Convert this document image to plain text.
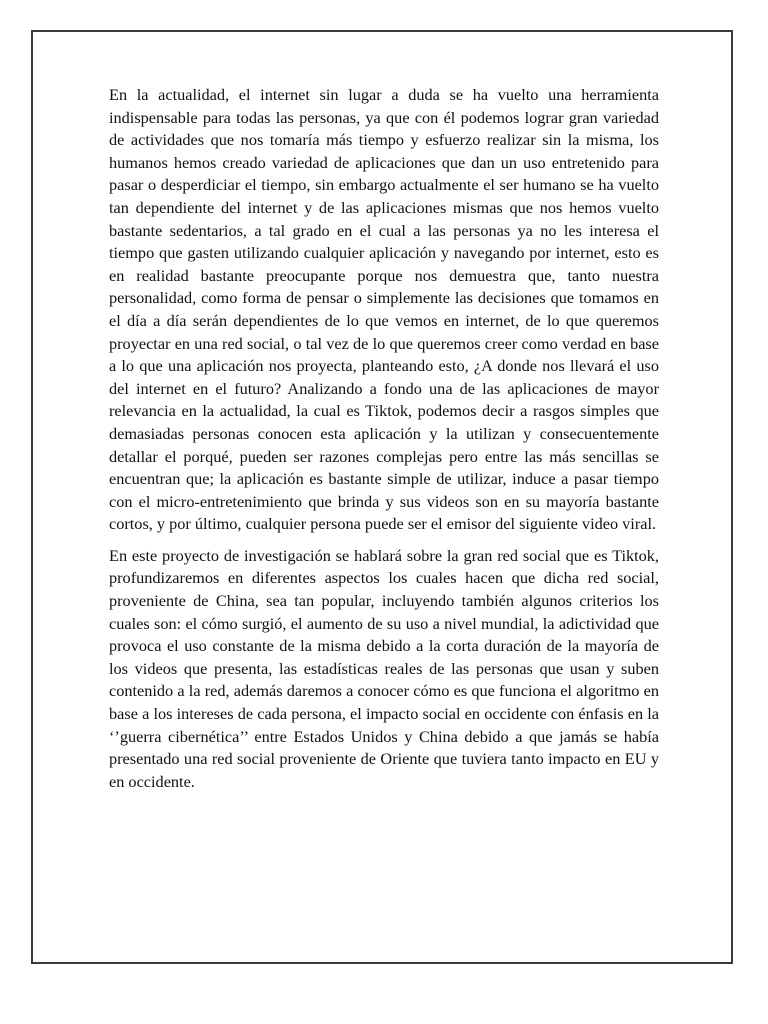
En la actualidad, el internet sin lugar a duda se ha vuelto una herramienta indispensable para todas las personas, ya que con él podemos lograr gran variedad de actividades que nos tomaría más tiempo y esfuerzo realizar sin la misma, los humanos hemos creado variedad de aplicaciones que dan un uso entretenido para pasar o desperdiciar el tiempo, sin embargo actualmente el ser humano se ha vuelto tan dependiente del internet y de las aplicaciones mismas que nos hemos vuelto bastante sedentarios, a tal grado en el cual a las personas ya no les interesa el tiempo que gasten utilizando cualquier aplicación y navegando por internet, esto es en realidad bastante preocupante porque nos demuestra que, tanto nuestra personalidad, como forma de pensar o simplemente las decisiones que tomamos en el día a día serán dependientes de lo que vemos en internet, de lo que queremos proyectar en una red social, o tal vez de lo que queremos creer como verdad en base a lo que una aplicación nos proyecta, planteando esto, ¿A donde nos llevará el uso del internet en el futuro? Analizando a fondo una de las aplicaciones de mayor relevancia en la actualidad, la cual es Tiktok, podemos decir a rasgos simples que demasiadas personas conocen esta aplicación y la utilizan y consecuentemente detallar el porqué, pueden ser razones complejas pero entre las más sencillas se encuentran que; la aplicación es bastante simple de utilizar, induce a pasar tiempo con el micro-entretenimiento que brinda y sus videos son en su mayoría bastante cortos, y por último, cualquier persona puede ser el emisor del siguiente video viral.

En este proyecto de investigación se hablará sobre la gran red social que es Tiktok, profundizaremos en diferentes aspectos los cuales hacen que dicha red social, proveniente de China, sea tan popular, incluyendo también algunos criterios los cuales son: el cómo surgió, el aumento de su uso a nivel mundial, la adictividad que provoca el uso constante de la misma debido a la corta duración de la mayoría de los videos que presenta, las estadísticas reales de las personas que usan y suben contenido a la red, además daremos a conocer cómo es que funciona el algoritmo en base a los intereses de cada persona, el impacto social en occidente con énfasis en la ‘’guerra cibernética’’ entre Estados Unidos y China debido a que jamás se había presentado una red social proveniente de Oriente que tuviera tanto impacto en EU y en occidente.
